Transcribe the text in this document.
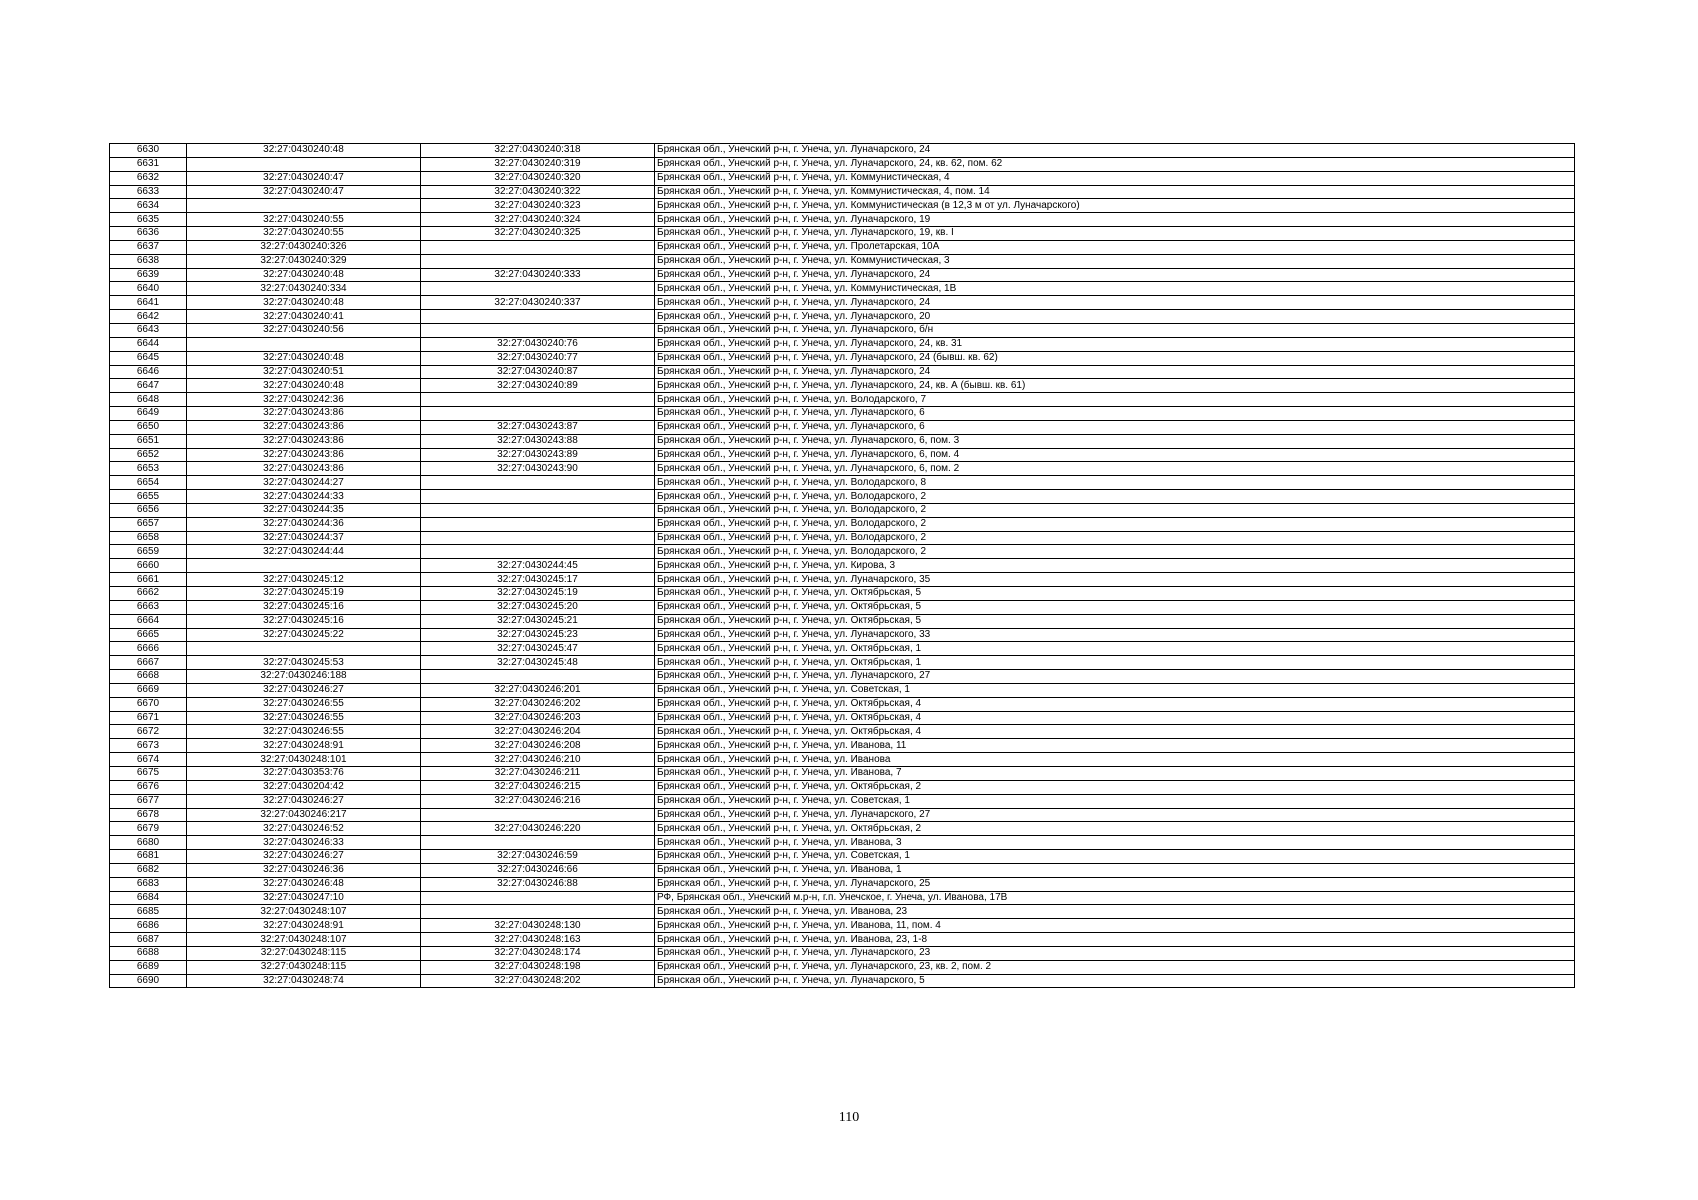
6630	32:27:0430240:48	32:27:0430240:318	Брянская обл., Унечский р-н, г. Унеча, ул. Луначарского, 24
6631		32:27:0430240:319	Брянская обл., Унечский р-н, г. Унеча, ул. Луначарского, 24, кв. 62, пом. 62
6632	32:27:0430240:47	32:27:0430240:320	Брянская обл., Унечский р-н, г. Унеча, ул. Коммунистическая, 4
6633	32:27:0430240:47	32:27:0430240:322	Брянская обл., Унечский р-н, г. Унеча, ул. Коммунистическая, 4, пом. 14
6634		32:27:0430240:323	Брянская обл., Унечский р-н, г. Унеча, ул. Коммунистическая (в 12,3 м от ул. Луначарского)
6635	32:27:0430240:55	32:27:0430240:324	Брянская обл., Унечский р-н, г. Унеча, ул. Луначарского, 19
6636	32:27:0430240:55	32:27:0430240:325	Брянская обл., Унечский р-н, г. Унеча, ул. Луначарского, 19, кв. I
6637	32:27:0430240:326		Брянская обл., Унечский р-н, г. Унеча, ул. Пролетарская, 10А
6638	32:27:0430240:329		Брянская обл., Унечский р-н, г. Унеча, ул. Коммунистическая, 3
6639	32:27:0430240:48	32:27:0430240:333	Брянская обл., Унечский р-н, г. Унеча, ул. Луначарского, 24
6640	32:27:0430240:334		Брянская обл., Унечский р-н, г. Унеча, ул. Коммунистическая, 1В
6641	32:27:0430240:48	32:27:0430240:337	Брянская обл., Унечский р-н, г. Унеча, ул. Луначарского, 24
6642	32:27:0430240:41		Брянская обл., Унечский р-н, г. Унеча, ул. Луначарского, 20
6643	32:27:0430240:56		Брянская обл., Унечский р-н, г. Унеча, ул. Луначарского, б/н
6644		32:27:0430240:76	Брянская обл., Унечский р-н, г. Унеча, ул. Луначарского, 24, кв. 31
6645	32:27:0430240:48	32:27:0430240:77	Брянская обл., Унечский р-н, г. Унеча, ул. Луначарского, 24 (бывш. кв. 62)
6646	32:27:0430240:51	32:27:0430240:87	Брянская обл., Унечский р-н, г. Унеча, ул. Луначарского, 24
6647	32:27:0430240:48	32:27:0430240:89	Брянская обл., Унечский р-н, г. Унеча, ул. Луначарского, 24, кв. А (бывш. кв. 61)
6648	32:27:0430242:36		Брянская обл., Унечский р-н, г. Унеча, ул. Володарского, 7
6649	32:27:0430243:86		Брянская обл., Унечский р-н, г. Унеча, ул. Луначарского, 6
6650	32:27:0430243:86	32:27:0430243:87	Брянская обл., Унечский р-н, г. Унеча, ул. Луначарского, 6
6651	32:27:0430243:86	32:27:0430243:88	Брянская обл., Унечский р-н, г. Унеча, ул. Луначарского, 6, пом. 3
6652	32:27:0430243:86	32:27:0430243:89	Брянская обл., Унечский р-н, г. Унеча, ул. Луначарского, 6, пом. 4
6653	32:27:0430243:86	32:27:0430243:90	Брянская обл., Унечский р-н, г. Унеча, ул. Луначарского, 6, пом. 2
6654	32:27:0430244:27		Брянская обл., Унечский р-н, г. Унеча, ул. Володарского, 8
6655	32:27:0430244:33		Брянская обл., Унечский р-н, г. Унеча, ул. Володарского, 2
6656	32:27:0430244:35		Брянская обл., Унечский р-н, г. Унеча, ул. Володарского, 2
6657	32:27:0430244:36		Брянская обл., Унечский р-н, г. Унеча, ул. Володарского, 2
6658	32:27:0430244:37		Брянская обл., Унечский р-н, г. Унеча, ул. Володарского, 2
6659	32:27:0430244:44		Брянская обл., Унечский р-н, г. Унеча, ул. Володарского, 2
6660		32:27:0430244:45	Брянская обл., Унечский р-н, г. Унеча, ул. Кирова, 3
6661	32:27:0430245:12	32:27:0430245:17	Брянская обл., Унечский р-н, г. Унеча, ул. Луначарского, 35
6662	32:27:0430245:19	32:27:0430245:19	Брянская обл., Унечский р-н, г. Унеча, ул. Октябрьская, 5
6663	32:27:0430245:16	32:27:0430245:20	Брянская обл., Унечский р-н, г. Унеча, ул. Октябрьская, 5
6664	32:27:0430245:16	32:27:0430245:21	Брянская обл., Унечский р-н, г. Унеча, ул. Октябрьская, 5
6665	32:27:0430245:22	32:27:0430245:23	Брянская обл., Унечский р-н, г. Унеча, ул. Луначарского, 33
6666		32:27:0430245:47	Брянская обл., Унечский р-н, г. Унеча, ул. Октябрьская, 1
6667	32:27:0430245:53	32:27:0430245:48	Брянская обл., Унечский р-н, г. Унеча, ул. Октябрьская, 1
6668	32:27:0430246:188		Брянская обл., Унечский р-н, г. Унеча, ул. Луначарского, 27
6669	32:27:0430246:27	32:27:0430246:201	Брянская обл., Унечский р-н, г. Унеча, ул. Советская, 1
6670	32:27:0430246:55	32:27:0430246:202	Брянская обл., Унечский р-н, г. Унеча, ул. Октябрьская, 4
6671	32:27:0430246:55	32:27:0430246:203	Брянская обл., Унечский р-н, г. Унеча, ул. Октябрьская, 4
6672	32:27:0430246:55	32:27:0430246:204	Брянская обл., Унечский р-н, г. Унеча, ул. Октябрьская, 4
6673	32:27:0430248:91	32:27:0430246:208	Брянская обл., Унечский р-н, г. Унеча, ул. Иванова, 11
6674	32:27:0430248:101	32:27:0430246:210	Брянская обл., Унечский р-н, г. Унеча, ул. Иванова
6675	32:27:0430353:76	32:27:0430246:211	Брянская обл., Унечский р-н, г. Унеча, ул. Иванова, 7
6676	32:27:0430204:42	32:27:0430246:215	Брянская обл., Унечский р-н, г. Унеча, ул. Октябрьская, 2
6677	32:27:0430246:27	32:27:0430246:216	Брянская обл., Унечский р-н, г. Унеча, ул. Советская, 1
6678	32:27:0430246:217		Брянская обл., Унечский р-н, г. Унеча, ул. Луначарского, 27
6679	32:27:0430246:52	32:27:0430246:220	Брянская обл., Унечский р-н, г. Унеча, ул. Октябрьская, 2
6680	32:27:0430246:33		Брянская обл., Унечский р-н, г. Унеча, ул. Иванова, 3
6681	32:27:0430246:27	32:27:0430246:59	Брянская обл., Унечский р-н, г. Унеча, ул. Советская, 1
6682	32:27:0430246:36	32:27:0430246:66	Брянская обл., Унечский р-н, г. Унеча, ул. Иванова, 1
6683	32:27:0430246:48	32:27:0430246:88	Брянская обл., Унечский р-н, г. Унеча, ул. Луначарского, 25
6684	32:27:0430247:10		РФ, Брянская обл., Унечский м.р-н, г.п. Унечское, г. Унеча, ул. Иванова, 17В
6685	32:27:0430248:107		Брянская обл., Унечский р-н, г. Унеча, ул. Иванова, 23
6686	32:27:0430248:91	32:27:0430248:130	Брянская обл., Унечский р-н, г. Унеча, ул. Иванова, 11, пом. 4
6687	32:27:0430248:107	32:27:0430248:163	Брянская обл., Унечский р-н, г. Унеча, ул. Иванова, 23, 1-8
6688	32:27:0430248:115	32:27:0430248:174	Брянская обл., Унечский р-н, г. Унеча, ул. Луначарского, 23
6689	32:27:0430248:115	32:27:0430248:198	Брянская обл., Унечский р-н, г. Унеча, ул. Луначарского, 23, кв. 2, пом. 2
6690	32:27:0430248:74	32:27:0430248:202	Брянская обл., Унечский р-н, г. Унеча, ул. Луначарского, 5
110
